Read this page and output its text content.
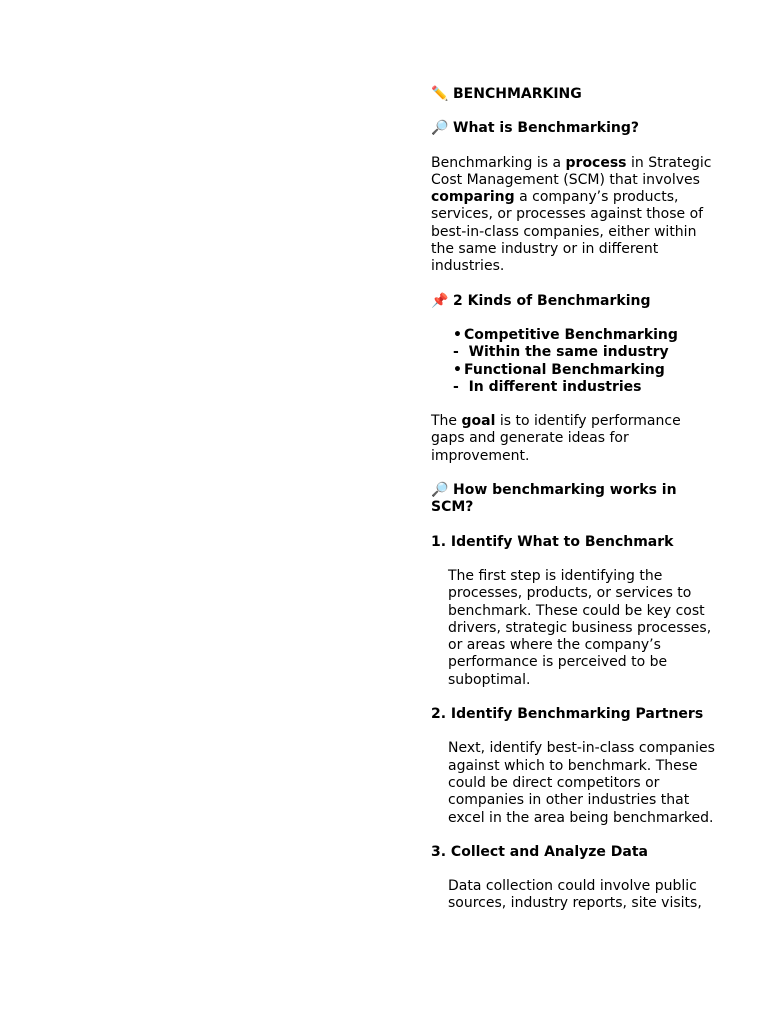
✏️ BENCHMARKING

🔎 What is Benchmarking?

Benchmarking is a process in Strategic Cost Management (SCM) that involves comparing a company’s products, services, or processes against those of best-in-class companies, either within the same industry or in different industries.

📌 2 Kinds of Benchmarking

• Competitive Benchmarking
- Within the same industry
• Functional Benchmarking
- In different industries

The goal is to identify performance gaps and generate ideas for improvement.

🔎 How benchmarking works in SCM?

1. Identify What to Benchmark

The first step is identifying the processes, products, or services to benchmark. These could be key cost drivers, strategic business processes, or areas where the company’s performance is perceived to be suboptimal.

2. Identify Benchmarking Partners

Next, identify best-in-class companies against which to benchmark. These could be direct competitors or companies in other industries that excel in the area being benchmarked.

3. Collect and Analyze Data

Data collection could involve public
sources, industry reports, site visits,
